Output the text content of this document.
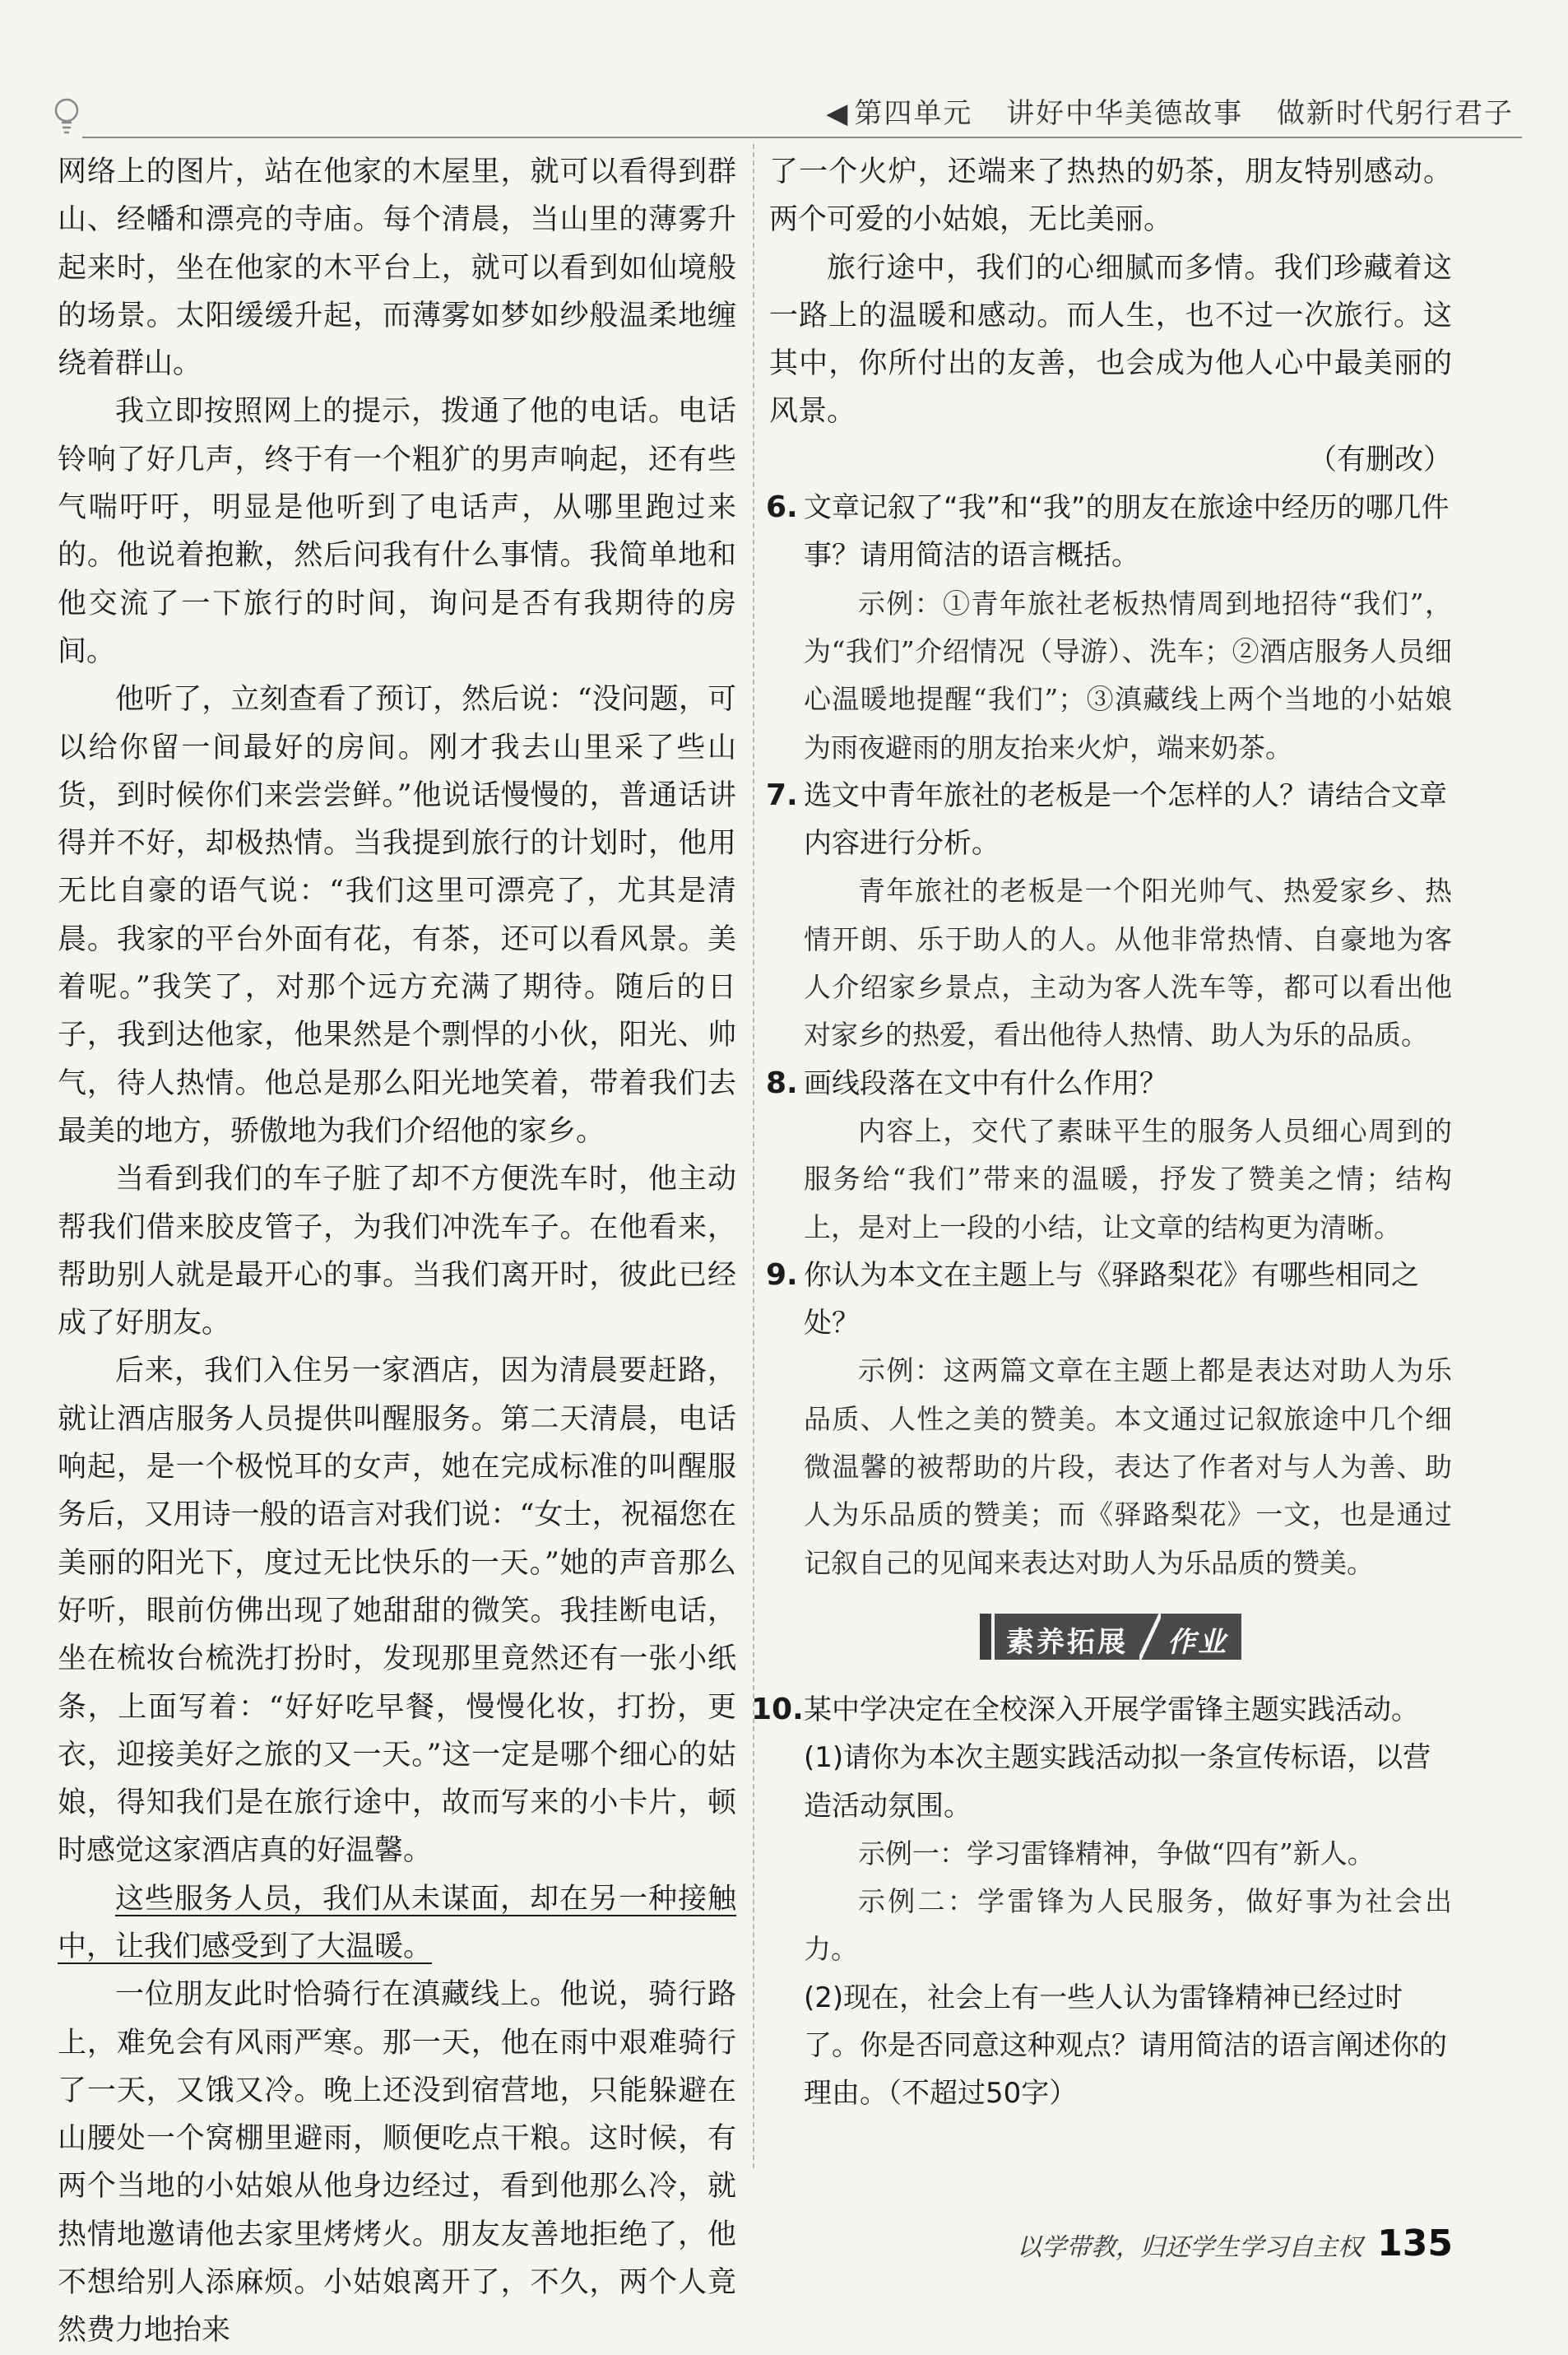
◀ 第四单元 讲好中华美德故事 做新时代躬行君子

网络上的图片，站在他家的木屋里，就可以看得到群山、经幡和漂亮的寺庙。每个清晨，当山里的薄雾升起来时，坐在他家的木平台上，就可以看到如仙境般的场景。太阳缓缓升起，而薄雾如梦如纱般温柔地缠绕着群山。

我立即按照网上的提示，拨通了他的电话。电话铃响了好几声，终于有一个粗犷的男声响起，还有些气喘吁吁，明显是他听到了电话声，从哪里跑过来的。他说着抱歉，然后问我有什么事情。我简单地和他交流了一下旅行的时间，询问是否有我期待的房间。

他听了，立刻查看了预订，然后说：“没问题，可以给你留一间最好的房间。刚才我去山里采了些山货，到时候你们来尝尝鲜。”他说话慢慢的，普通话讲得并不好，却极热情。当我提到旅行的计划时，他用无比自豪的语气说：“我们这里可漂亮了，尤其是清晨。我家的平台外面有花，有茶，还可以看风景。美着呢。”我笑了，对那个远方充满了期待。随后的日子，我到达他家，他果然是个剽悍的小伙，阳光、帅气，待人热情。他总是那么阳光地笑着，带着我们去最美的地方，骄傲地为我们介绍他的家乡。

当看到我们的车子脏了却不方便洗车时，他主动帮我们借来胶皮管子，为我们冲洗车子。在他看来，帮助别人就是最开心的事。当我们离开时，彼此已经成了好朋友。

后来，我们入住另一家酒店，因为清晨要赶路，就让酒店服务人员提供叫醒服务。第二天清晨，电话响起，是一个极悦耳的女声，她在完成标准的叫醒服务后，又用诗一般的语言对我们说：“女士，祝福您在美丽的阳光下，度过无比快乐的一天。”她的声音那么好听，眼前仿佛出现了她甜甜的微笑。我挂断电话，坐在梳妆台梳洗打扮时，发现那里竟然还有一张小纸条，上面写着：“好好吃早餐，慢慢化妆，打扮，更衣，迎接美好之旅的又一天。”这一定是哪个细心的姑娘，得知我们是在旅行途中，故而写来的小卡片，顿时感觉这家酒店真的好温馨。

这些服务人员，我们从未谋面，却在另一种接触中，让我们感受到了大温暖。

一位朋友此时恰骑行在滇藏线上。他说，骑行路上，难免会有风雨严寒。那一天，他在雨中艰难骑行了一天，又饿又冷。晚上还没到宿营地，只能躲避在山腰处一个窝棚里避雨，顺便吃点干粮。这时候，有两个当地的小姑娘从他身边经过，看到他那么冷，就热情地邀请他去家里烤烤火。朋友友善地拒绝了，他不想给别人添麻烦。小姑娘离开了，不久，两个人竟然费力地抬来

了一个火炉，还端来了热热的奶茶，朋友特别感动。两个可爱的小姑娘，无比美丽。

旅行途中，我们的心细腻而多情。我们珍藏着这一路上的温暖和感动。而人生，也不过一次旅行。这其中，你所付出的友善，也会成为他人心中最美丽的风景。

（有删改）

6. 文章记叙了“我”和“我”的朋友在旅途中经历的哪几件事？请用简洁的语言概括。

示例：①青年旅社老板热情周到地招待“我们”，为“我们”介绍情况（导游）、洗车；②酒店服务人员细心温暖地提醒“我们”；③滇藏线上两个当地的小姑娘为雨夜避雨的朋友抬来火炉，端来奶茶。

7. 选文中青年旅社的老板是一个怎样的人？请结合文章内容进行分析。

青年旅社的老板是一个阳光帅气、热爱家乡、热情开朗、乐于助人的人。从他非常热情、自豪地为客人介绍家乡景点，主动为客人洗车等，都可以看出他对家乡的热爱，看出他待人热情、助人为乐的品质。

8. 画线段落在文中有什么作用？

内容上，交代了素昧平生的服务人员细心周到的服务给“我们”带来的温暖，抒发了赞美之情；结构上，是对上一段的小结，让文章的结构更为清晰。

9. 你认为本文在主题上与《驿路梨花》有哪些相同之处？

示例：这两篇文章在主题上都是表达对助人为乐品质、人性之美的赞美。本文通过记叙旅途中几个细微温馨的被帮助的片段，表达了作者对与人为善、助人为乐品质的赞美；而《驿路梨花》一文，也是通过记叙自己的见闻来表达对助人为乐品质的赞美。

素养拓展	作业
10. 某中学决定在全校深入开展学雷锋主题实践活动。

(1)请你为本次主题实践活动拟一条宣传标语，以营造活动氛围。

示例一：学习雷锋精神，争做“四有”新人。

示例二：学雷锋为人民服务，做好事为社会出力。

(2)现在，社会上有一些人认为雷锋精神已经过时了。你是否同意这种观点？请用简洁的语言阐述你的理由。（不超过50字）

以学带教，归还学生学习自主权 135
